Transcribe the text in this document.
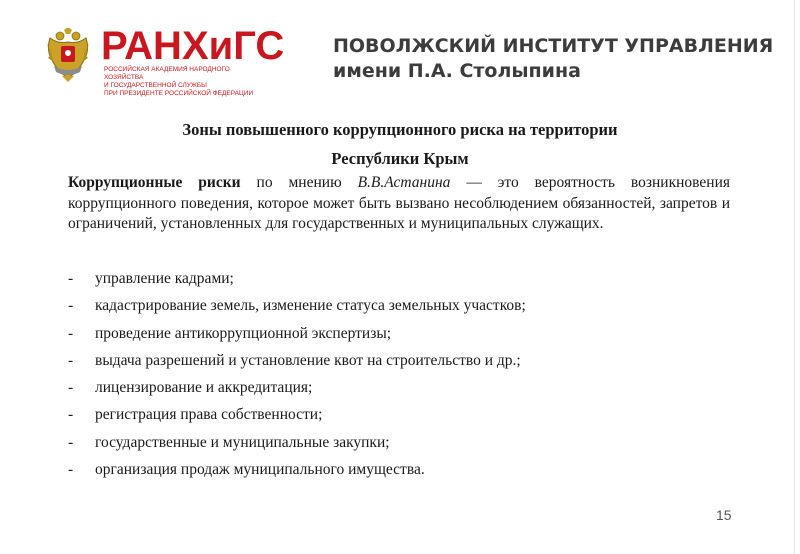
РАНХиГС
РОССИЙСКАЯ АКАДЕМИЯ НАРОДНОГО ХОЗЯЙСТВА
И ГОСУДАРСТВЕННОЙ СЛУЖБЫ
ПРИ ПРЕЗИДЕНТЕ РОССИЙСКОЙ ФЕДЕРАЦИИ
ПОВОЛЖСКИЙ ИНСТИТУТ УПРАВЛЕНИЯ
имени П.А. Столыпина
Зоны повышенного коррупционного риска на территории
Республики Крым
Коррупционные риски по мнению В.В.Астанина — это вероятность возникновения коррупционного поведения, которое может быть вызвано несоблюдением обязанностей, запретов и ограничений, установленных для государственных и муниципальных служащих.
- управление кадрами;
- кадастрирование земель, изменение статуса земельных участков;
- проведение антикоррупционной экспертизы;
- выдача разрешений и установление квот на строительство и др.;
- лицензирование и аккредитация;
- регистрация права собственности;
- государственные и муниципальные закупки;
- организация продаж муниципального имущества.
15
